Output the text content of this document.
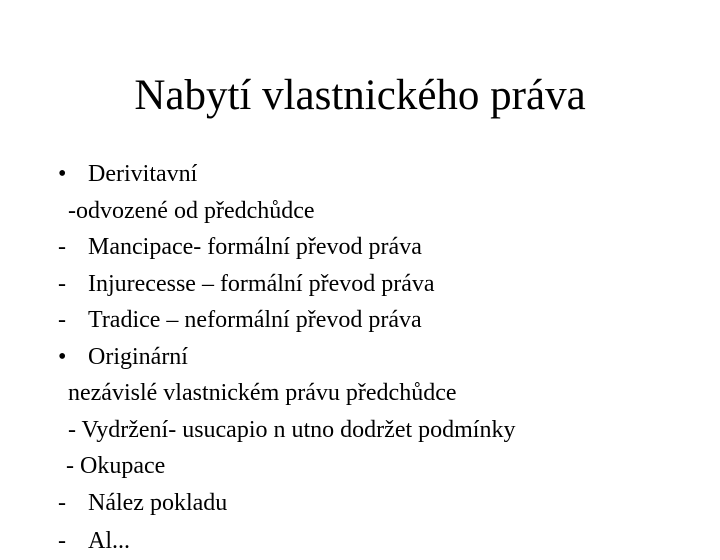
Nabytí vlastnického práva
• Derivitavní
-odvozené od předchůdce
- Mancipace- formální převod práva
- Injurecesse – formální převod práva
- Tradice – neformální převod práva
• Originární
nezávislé vlastnickém právu předchůdce
- Vydržení- usucapio n utno dodržet podmínky
- Okupace
- Nález pokladu
- Al...
